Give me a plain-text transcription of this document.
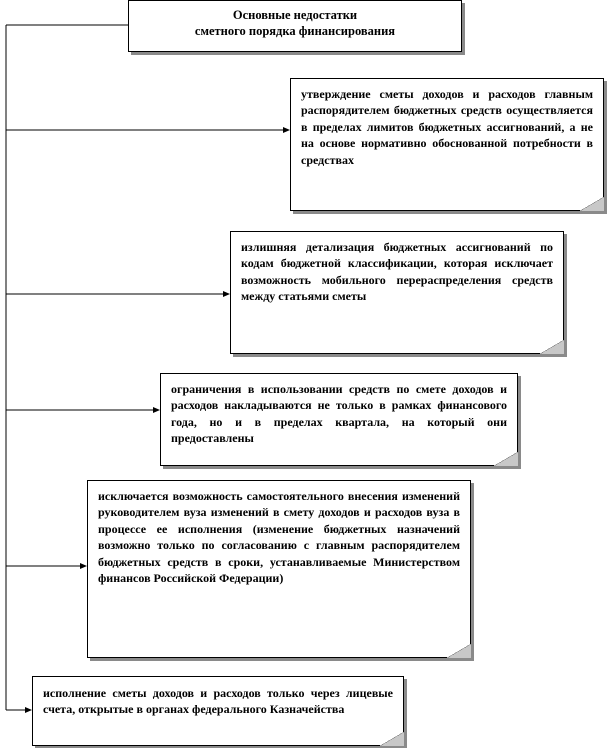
Основные недостатки
сметного порядка финансирования
утверждение сметы доходов и расходов главным распорядителем бюджетных средств осуществляется в пределах лимитов бюджетных ассигнований, а не на основе нормативно обоснованной потребности в средствах
излишняя детализация бюджетных ассигнований по кодам бюджетной классификации, которая исключает возможность мобильного перераспределения средств между статьями сметы
ограничения в использовании средств по смете доходов и расходов накладываются не только в рамках финансового года, но и в пределах квартала, на который они предоставлены
исключается возможность самостоятельного внесения изменений руководителем вуза изменений в смету доходов и расходов вуза в процессе ее исполнения (изменение бюджетных назначений возможно только по согласованию с главным распорядителем бюджетных средств в сроки, устанавливаемые Министерством финансов Российской Федерации)
исполнение сметы доходов и расходов только через лицевые счета, открытые в органах федерального Казначейства
